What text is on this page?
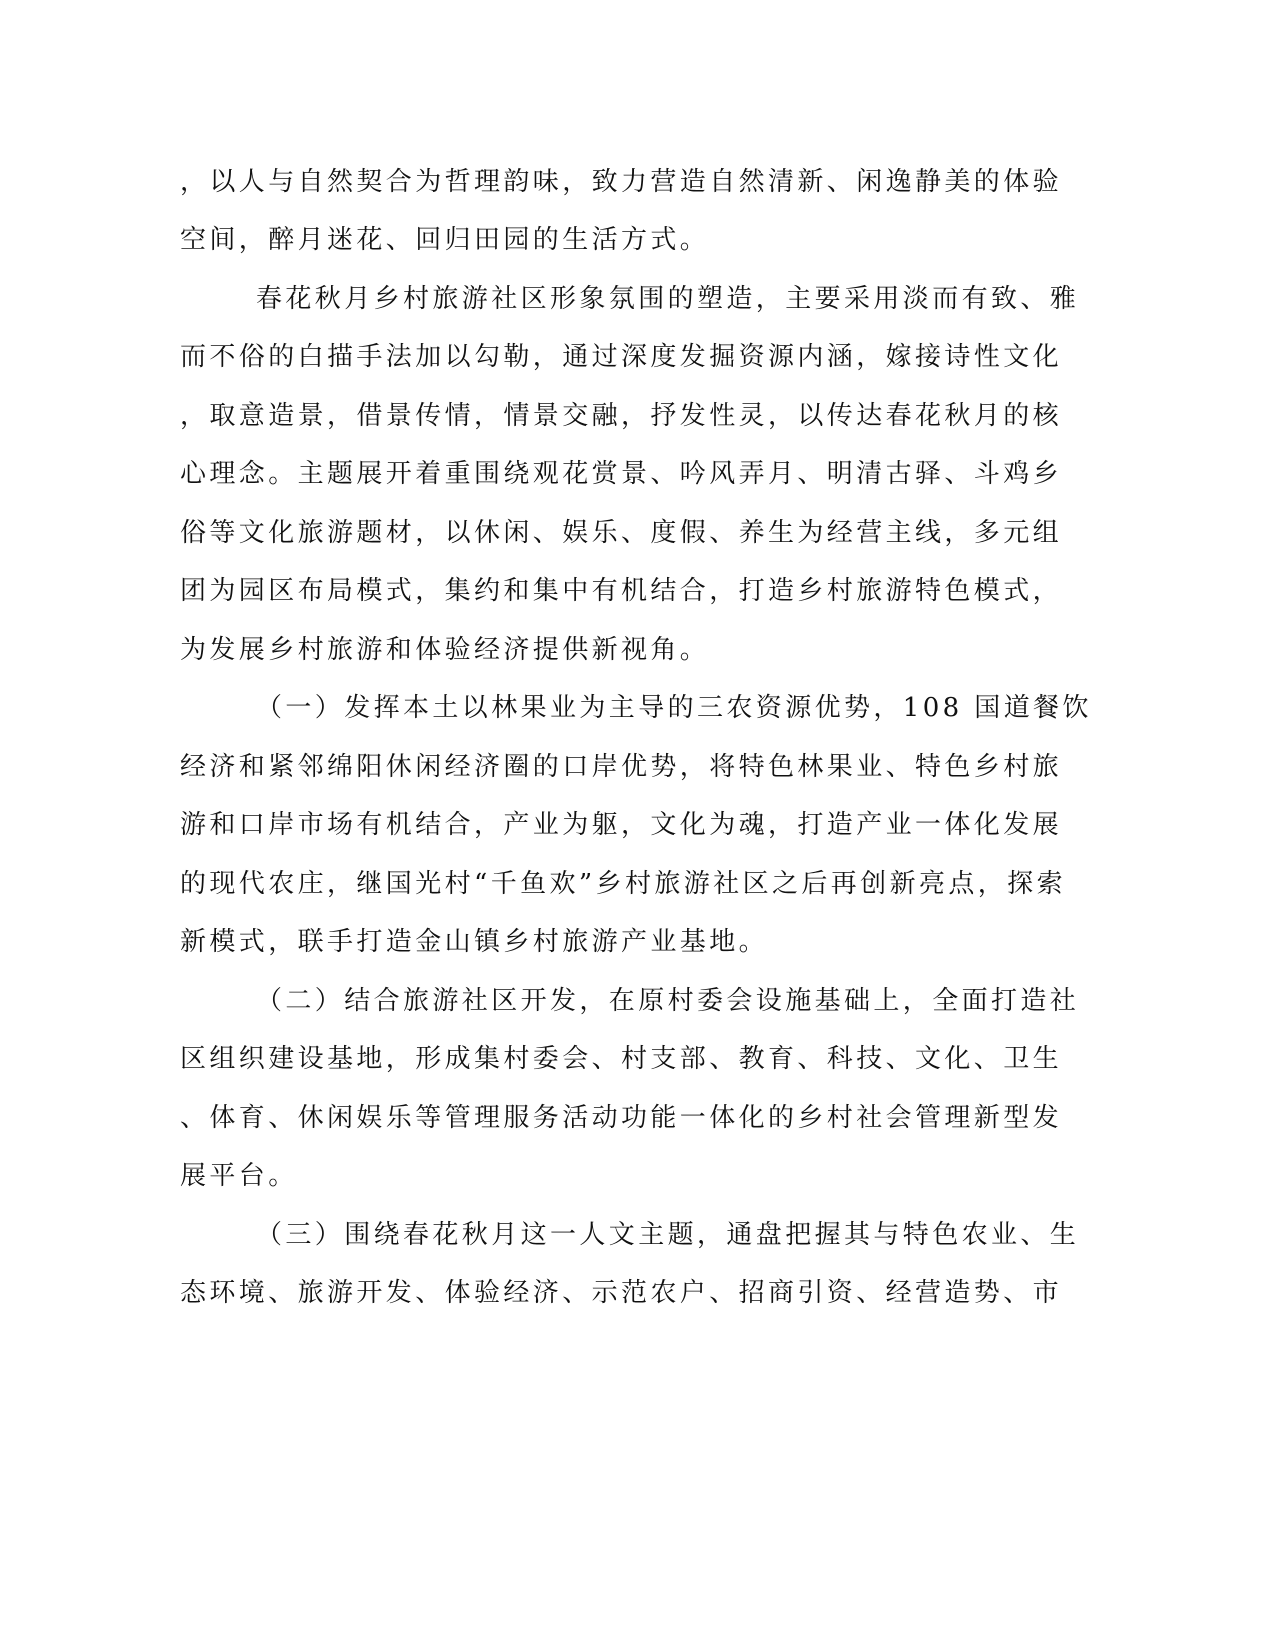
，以人与自然契合为哲理韵味，致力营造自然清新、闲逸静美的体验
空间，醉月迷花、回归田园的生活方式。
春花秋月乡村旅游社区形象氛围的塑造，主要采用淡而有致、雅
而不俗的白描手法加以勾勒，通过深度发掘资源内涵，嫁接诗性文化
，取意造景，借景传情，情景交融，抒发性灵，以传达春花秋月的核
心理念。主题展开着重围绕观花赏景、吟风弄月、明清古驿、斗鸡乡
俗等文化旅游题材，以休闲、娱乐、度假、养生为经营主线，多元组
团为园区布局模式，集约和集中有机结合，打造乡村旅游特色模式，
为发展乡村旅游和体验经济提供新视角。
（一）发挥本土以林果业为主导的三农资源优势，108 国道餐饮
经济和紧邻绵阳休闲经济圈的口岸优势，将特色林果业、特色乡村旅
游和口岸市场有机结合，产业为躯，文化为魂，打造产业一体化发展
的现代农庄，继国光村“千鱼欢”乡村旅游社区之后再创新亮点，探索
新模式，联手打造金山镇乡村旅游产业基地。
（二）结合旅游社区开发，在原村委会设施基础上，全面打造社
区组织建设基地，形成集村委会、村支部、教育、科技、文化、卫生
、体育、休闲娱乐等管理服务活动功能一体化的乡村社会管理新型发
展平台。
（三）围绕春花秋月这一人文主题，通盘把握其与特色农业、生
态环境、旅游开发、体验经济、示范农户、招商引资、经营造势、市
